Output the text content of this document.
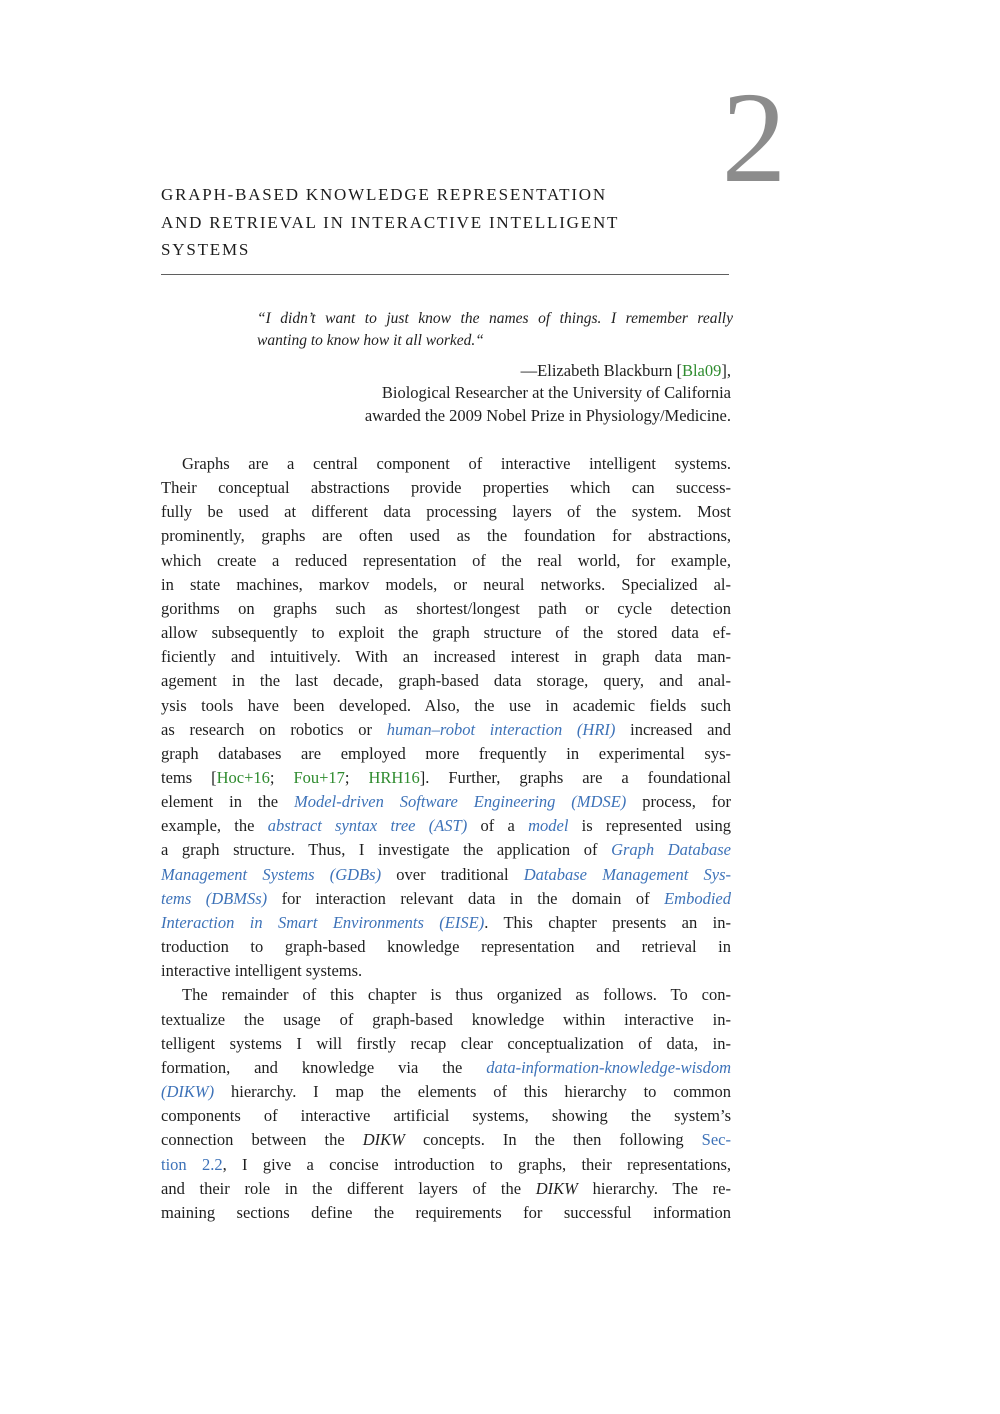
2
GRAPH-BASED KNOWLEDGE REPRESENTATION
AND RETRIEVAL IN INTERACTIVE INTELLIGENT
SYSTEMS
“I didn’t want to just know the names of things. I remember really
wanting to know how it all worked.“
—Elizabeth Blackburn [Bla09],
Biological Researcher at the University of California
awarded the 2009 Nobel Prize in Physiology/Medicine.
Graphs are a central component of interactive intelligent systems.
Their conceptual abstractions provide properties which can success-
fully be used at different data processing layers of the system. Most
prominently, graphs are often used as the foundation for abstractions,
which create a reduced representation of the real world, for example,
in state machines, markov models, or neural networks. Specialized al-
gorithms on graphs such as shortest/longest path or cycle detection
allow subsequently to exploit the graph structure of the stored data ef-
ficiently and intuitively. With an increased interest in graph data man-
agement in the last decade, graph-based data storage, query, and anal-
ysis tools have been developed. Also, the use in academic fields such
as research on robotics or human–robot interaction (HRI) increased and
graph databases are employed more frequently in experimental sys-
tems [Hoc+16; Fou+17; HRH16]. Further, graphs are a foundational
element in the Model-driven Software Engineering (MDSE) process, for
example, the abstract syntax tree (AST) of a model is represented using
a graph structure. Thus, I investigate the application of Graph Database
Management Systems (GDBs) over traditional Database Management Sys-
tems (DBMSs) for interaction relevant data in the domain of Embodied
Interaction in Smart Environments (EISE). This chapter presents an in-
troduction to graph-based knowledge representation and retrieval in
interactive intelligent systems.
The remainder of this chapter is thus organized as follows. To con-
textualize the usage of graph-based knowledge within interactive in-
telligent systems I will firstly recap clear conceptualization of data, in-
formation, and knowledge via the data-information-knowledge-wisdom
(DIKW) hierarchy. I map the elements of this hierarchy to common
components of interactive artificial systems, showing the system’s
connection between the DIKW concepts. In the then following Sec-
tion 2.2, I give a concise introduction to graphs, their representations,
and their role in the different layers of the DIKW hierarchy. The re-
maining sections define the requirements for successful information
